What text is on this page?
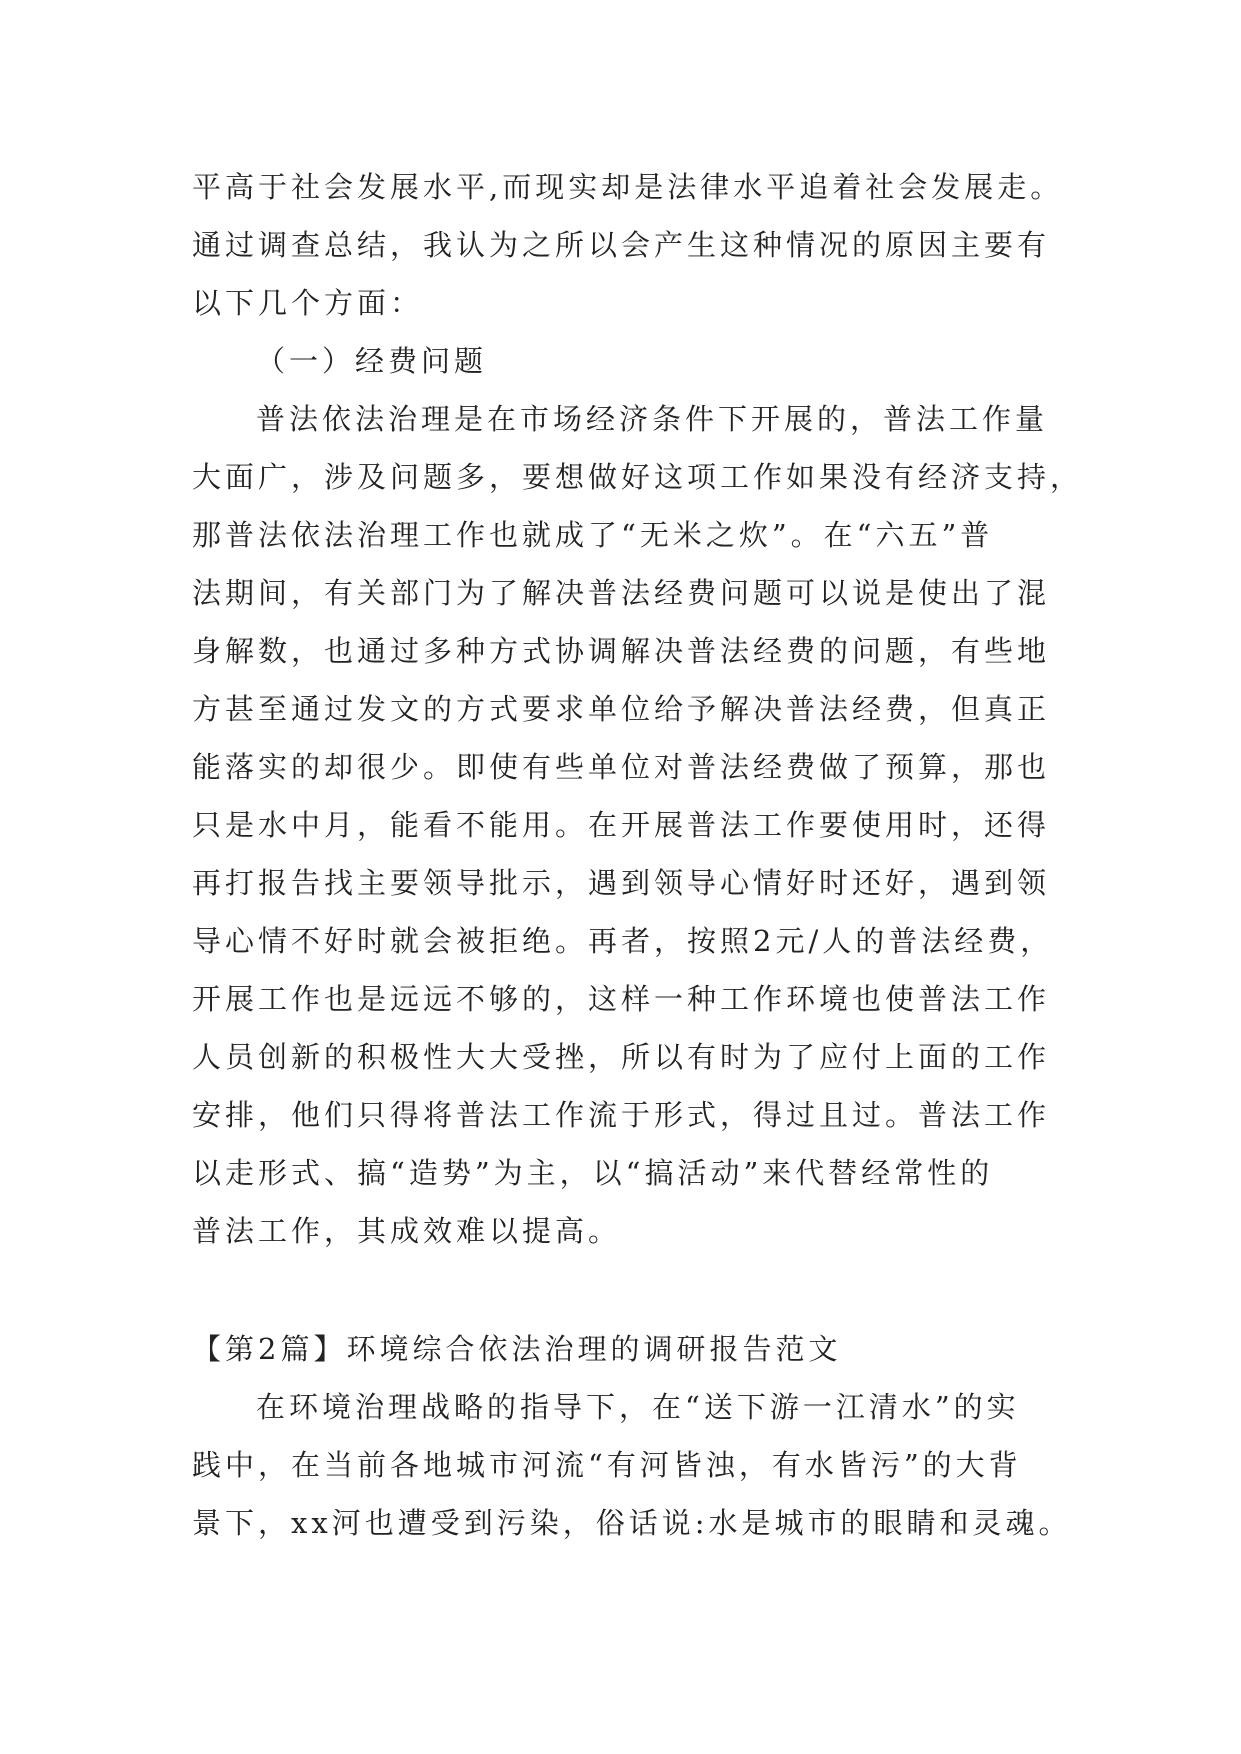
平高于社会发展水平,而现实却是法律水平追着社会发展走。
通过调查总结，我认为之所以会产生这种情况的原因主要有
以下几个方面：
（一）经费问题
普法依法治理是在市场经济条件下开展的，普法工作量
大面广，涉及问题多，要想做好这项工作如果没有经济支持，
那普法依法治理工作也就成了“无米之炊”。在“六五”普
法期间，有关部门为了解决普法经费问题可以说是使出了混
身解数，也通过多种方式协调解决普法经费的问题，有些地
方甚至通过发文的方式要求单位给予解决普法经费，但真正
能落实的却很少。即使有些单位对普法经费做了预算，那也
只是水中月，能看不能用。在开展普法工作要使用时，还得
再打报告找主要领导批示，遇到领导心情好时还好，遇到领
导心情不好时就会被拒绝。再者，按照2元/人的普法经费，
开展工作也是远远不够的，这样一种工作环境也使普法工作
人员创新的积极性大大受挫，所以有时为了应付上面的工作
安排，他们只得将普法工作流于形式，得过且过。普法工作
以走形式、搞“造势”为主，以“搞活动”来代替经常性的
普法工作，其成效难以提高。
【第2篇】环境综合依法治理的调研报告范文
在环境治理战略的指导下，在“送下游一江清水”的实
践中，在当前各地城市河流“有河皆浊，有水皆污”的大背
景下，xx河也遭受到污染，俗话说:水是城市的眼睛和灵魂。
